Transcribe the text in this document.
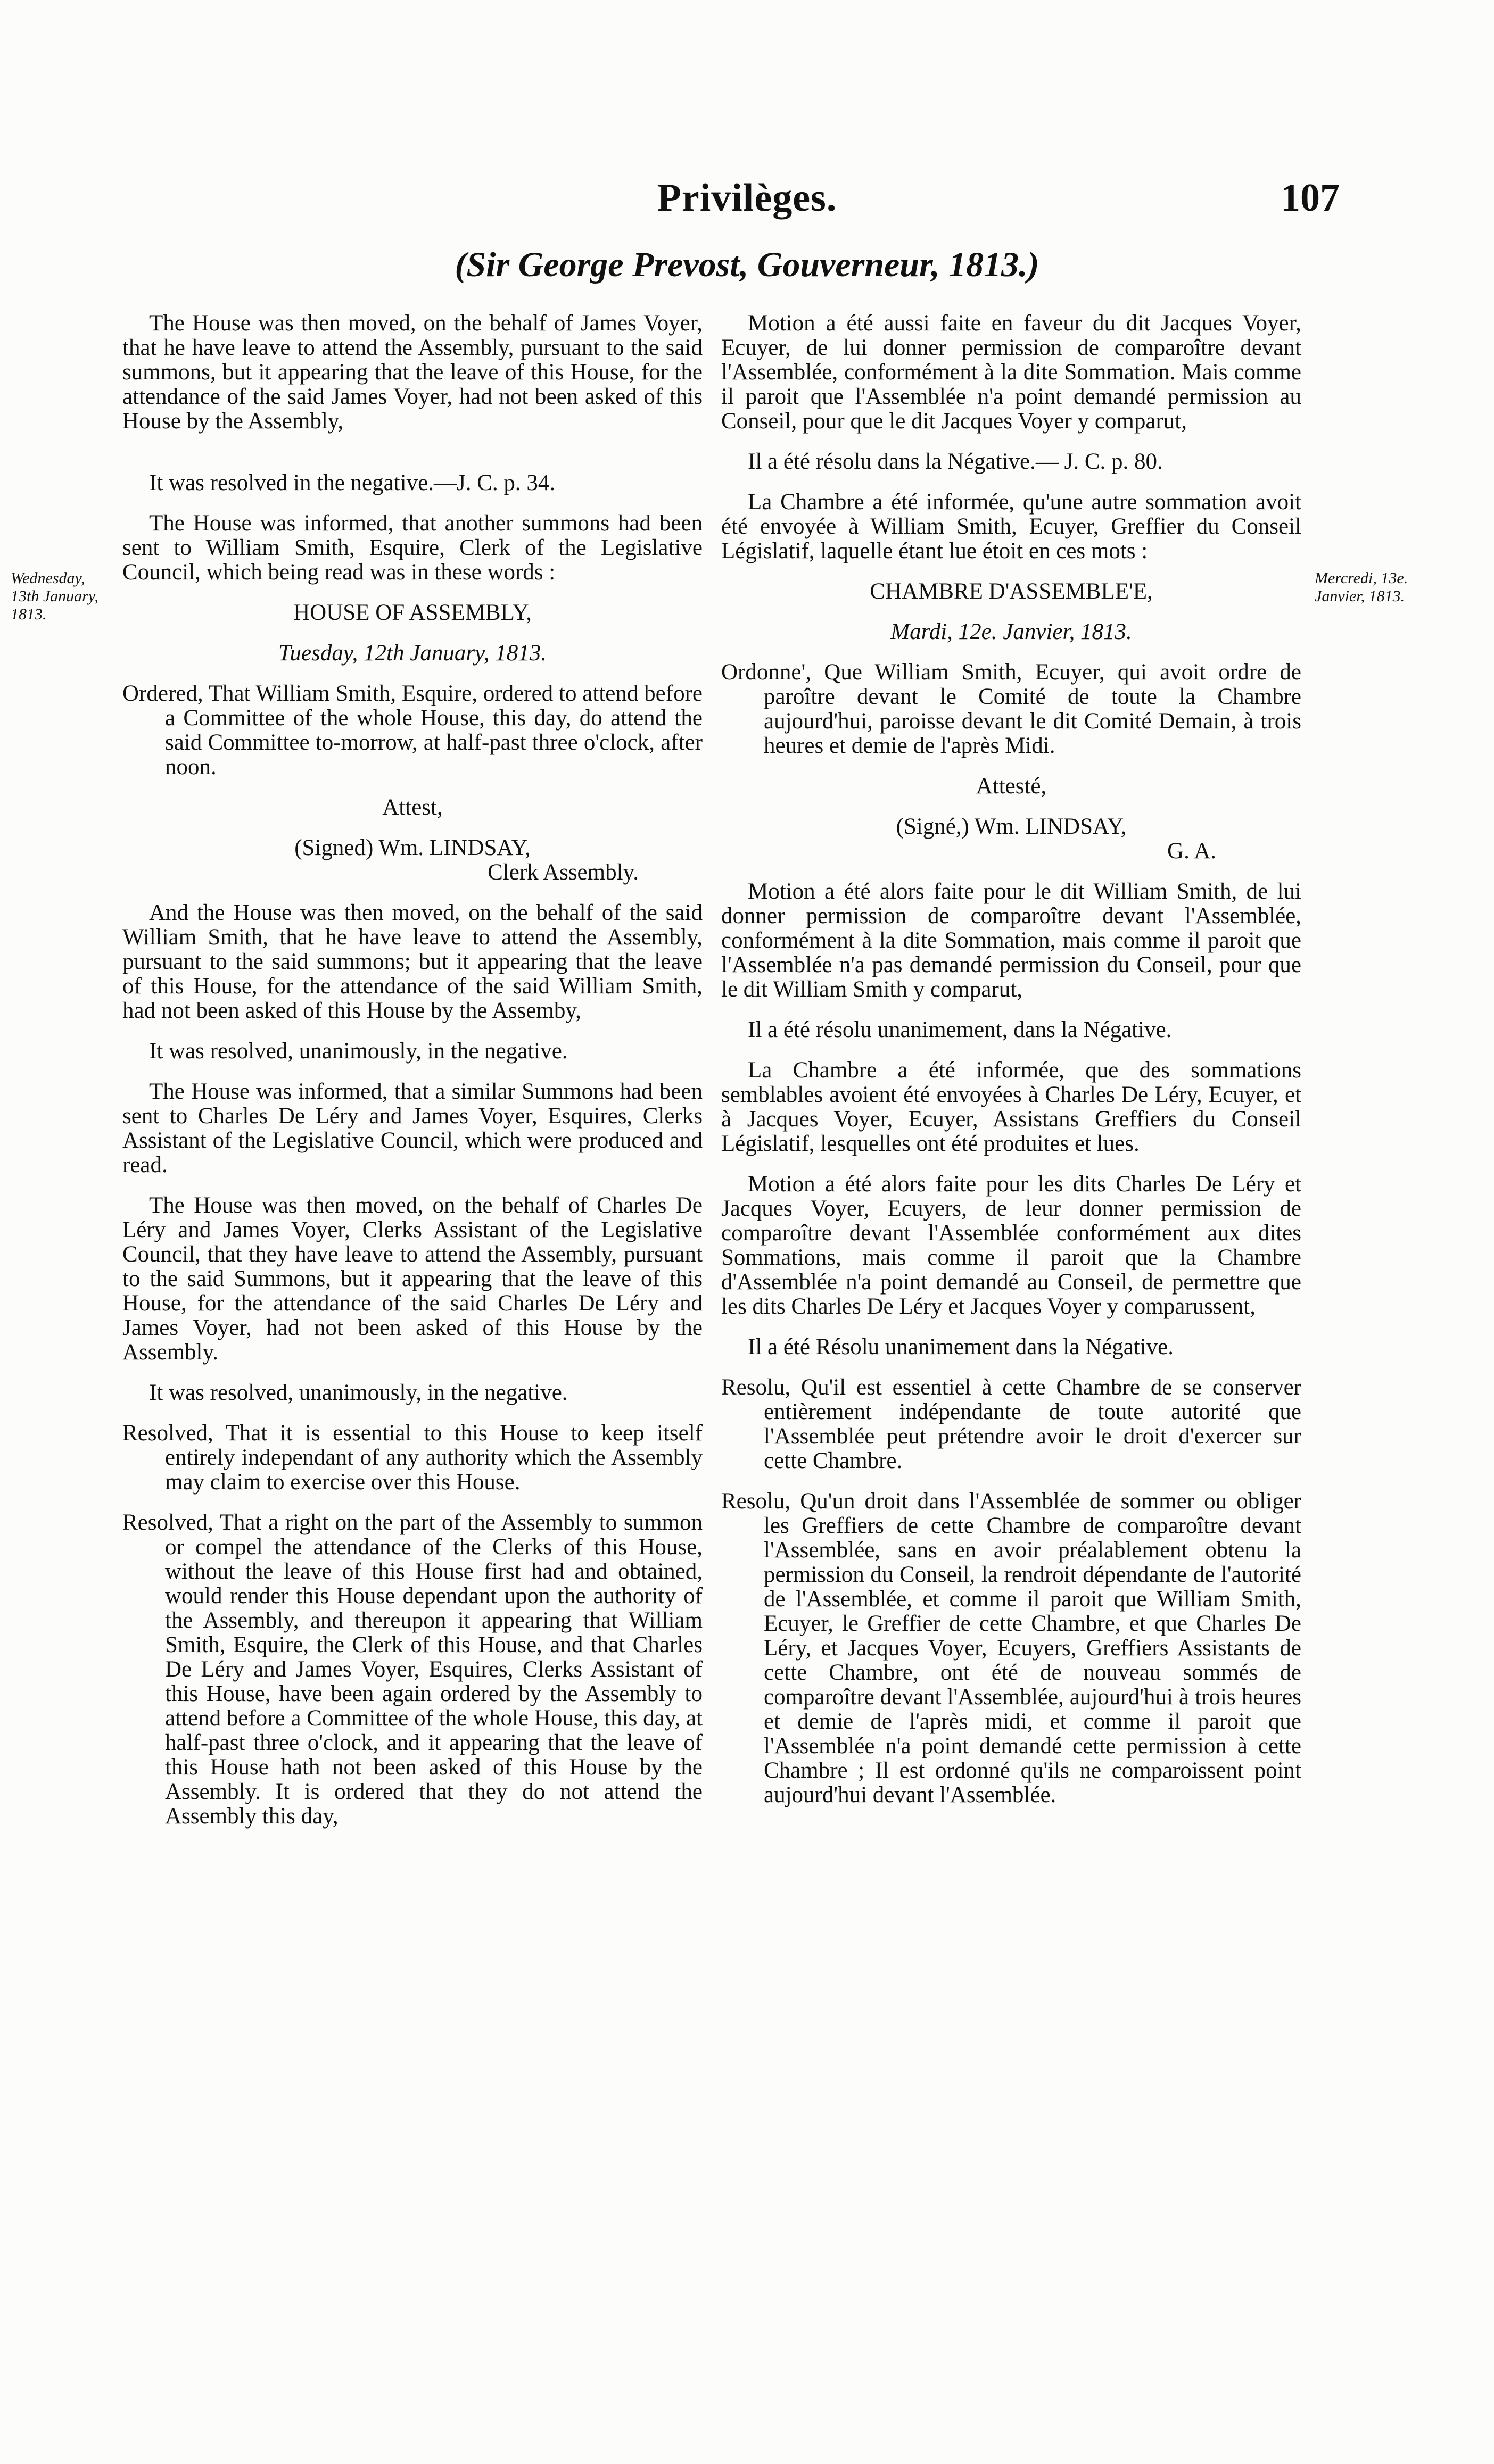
Privilèges.	107
(Sir George Prevost, Gouverneur, 1813.)
Wednesday, 13th January, 1813.
Mercredi, 13e. Janvier, 1813.

The House was then moved, on the behalf of James Voyer, that he have leave to attend the Assembly, pursuant to the said summons, but it appearing that the leave of this House, for the attendance of the said James Voyer, had not been asked of this House by the Assembly,

It was resolved in the negative.—J. C. p. 34.

The House was informed, that another summons had been sent to William Smith, Esquire, Clerk of the Legislative Council, which being read was in these words :

HOUSE OF ASSEMBLY,

Tuesday, 12th January, 1813.

Ordered, That William Smith, Esquire, ordered to attend before a Committee of the whole House, this day, do attend the said Committee to-morrow, at half-past three o'clock, after noon.

Attest,

(Signed) Wm. LINDSAY,

Clerk Assembly.

And the House was then moved, on the behalf of the said William Smith, that he have leave to attend the Assembly, pursuant to the said summons; but it appearing that the leave of this House, for the attendance of the said William Smith, had not been asked of this House by the Assemby,

It was resolved, unanimously, in the negative.

The House was informed, that a similar Summons had been sent to Charles De Léry and James Voyer, Esquires, Clerks Assistant of the Legislative Council, which were produced and read.

The House was then moved, on the behalf of Charles De Léry and James Voyer, Clerks Assistant of the Legislative Council, that they have leave to attend the Assembly, pursuant to the said Summons, but it appearing that the leave of this House, for the attendance of the said Charles De Léry and James Voyer, had not been asked of this House by the Assembly.

It was resolved, unanimously, in the negative.

Resolved, That it is essential to this House to keep itself entirely independant of any authority which the Assembly may claim to exercise over this House.

Resolved, That a right on the part of the Assembly to summon or compel the attendance of the Clerks of this House, without the leave of this House first had and obtained, would render this House dependant upon the authority of the Assembly, and thereupon it appearing that William Smith, Esquire, the Clerk of this House, and that Charles De Léry and James Voyer, Esquires, Clerks Assistant of this House, have been again ordered by the Assembly to attend before a Committee of the whole House, this day, at half-past three o'clock, and it appearing that the leave of this House hath not been asked of this House by the Assembly. It is ordered that they do not attend the Assembly this day,

Motion a été aussi faite en faveur du dit Jacques Voyer, Ecuyer, de lui donner permission de comparoître devant l'Assemblée, conformément à la dite Sommation. Mais comme il paroit que l'Assemblée n'a point demandé permission au Conseil, pour que le dit Jacques Voyer y comparut,

Il a été résolu dans la Négative.— J. C. p. 80.

La Chambre a été informée, qu'une autre sommation avoit été envoyée à William Smith, Ecuyer, Greffier du Conseil Législatif, laquelle étant lue étoit en ces mots :

CHAMBRE D'ASSEMBLE'E,

Mardi, 12e. Janvier, 1813.

Ordonne', Que William Smith, Ecuyer, qui avoit ordre de paroître devant le Comité de toute la Chambre aujourd'hui, paroisse devant le dit Comité Demain, à trois heures et demie de l'après Midi.

Attesté,

(Signé,) Wm. LINDSAY,

G. A.

Motion a été alors faite pour le dit William Smith, de lui donner permission de comparoître devant l'Assemblée, conformément à la dite Sommation, mais comme il paroit que l'Assemblée n'a pas demandé permission du Conseil, pour que le dit William Smith y comparut,

Il a été résolu unanimement, dans la Négative.

La Chambre a été informée, que des sommations semblables avoient été envoyées à Charles De Léry, Ecuyer, et à Jacques Voyer, Ecuyer, Assistans Greffiers du Conseil Législatif, lesquelles ont été produites et lues.

Motion a été alors faite pour les dits Charles De Léry et Jacques Voyer, Ecuyers, de leur donner permission de comparoître devant l'Assemblée conformément aux dites Sommations, mais comme il paroit que la Chambre d'Assemblée n'a point demandé au Conseil, de permettre que les dits Charles De Léry et Jacques Voyer y comparussent,

Il a été Résolu unanimement dans la Négative.

Resolu, Qu'il est essentiel à cette Chambre de se conserver entièrement indépendante de toute autorité que l'Assemblée peut prétendre avoir le droit d'exercer sur cette Chambre.

Resolu, Qu'un droit dans l'Assemblée de sommer ou obliger les Greffiers de cette Chambre de comparoître devant l'Assemblée, sans en avoir préalablement obtenu la permission du Conseil, la rendroit dépendante de l'autorité de l'Assemblée, et comme il paroit que William Smith, Ecuyer, le Greffier de cette Chambre, et que Charles De Léry, et Jacques Voyer, Ecuyers, Greffiers Assistants de cette Chambre, ont été de nouveau sommés de comparoître devant l'Assemblée, aujourd'hui à trois heures et demie de l'après midi, et comme il paroit que l'Assemblée n'a point demandé cette permission à cette Chambre ; Il est ordonné qu'ils ne comparoissent point aujourd'hui devant l'Assemblée.
